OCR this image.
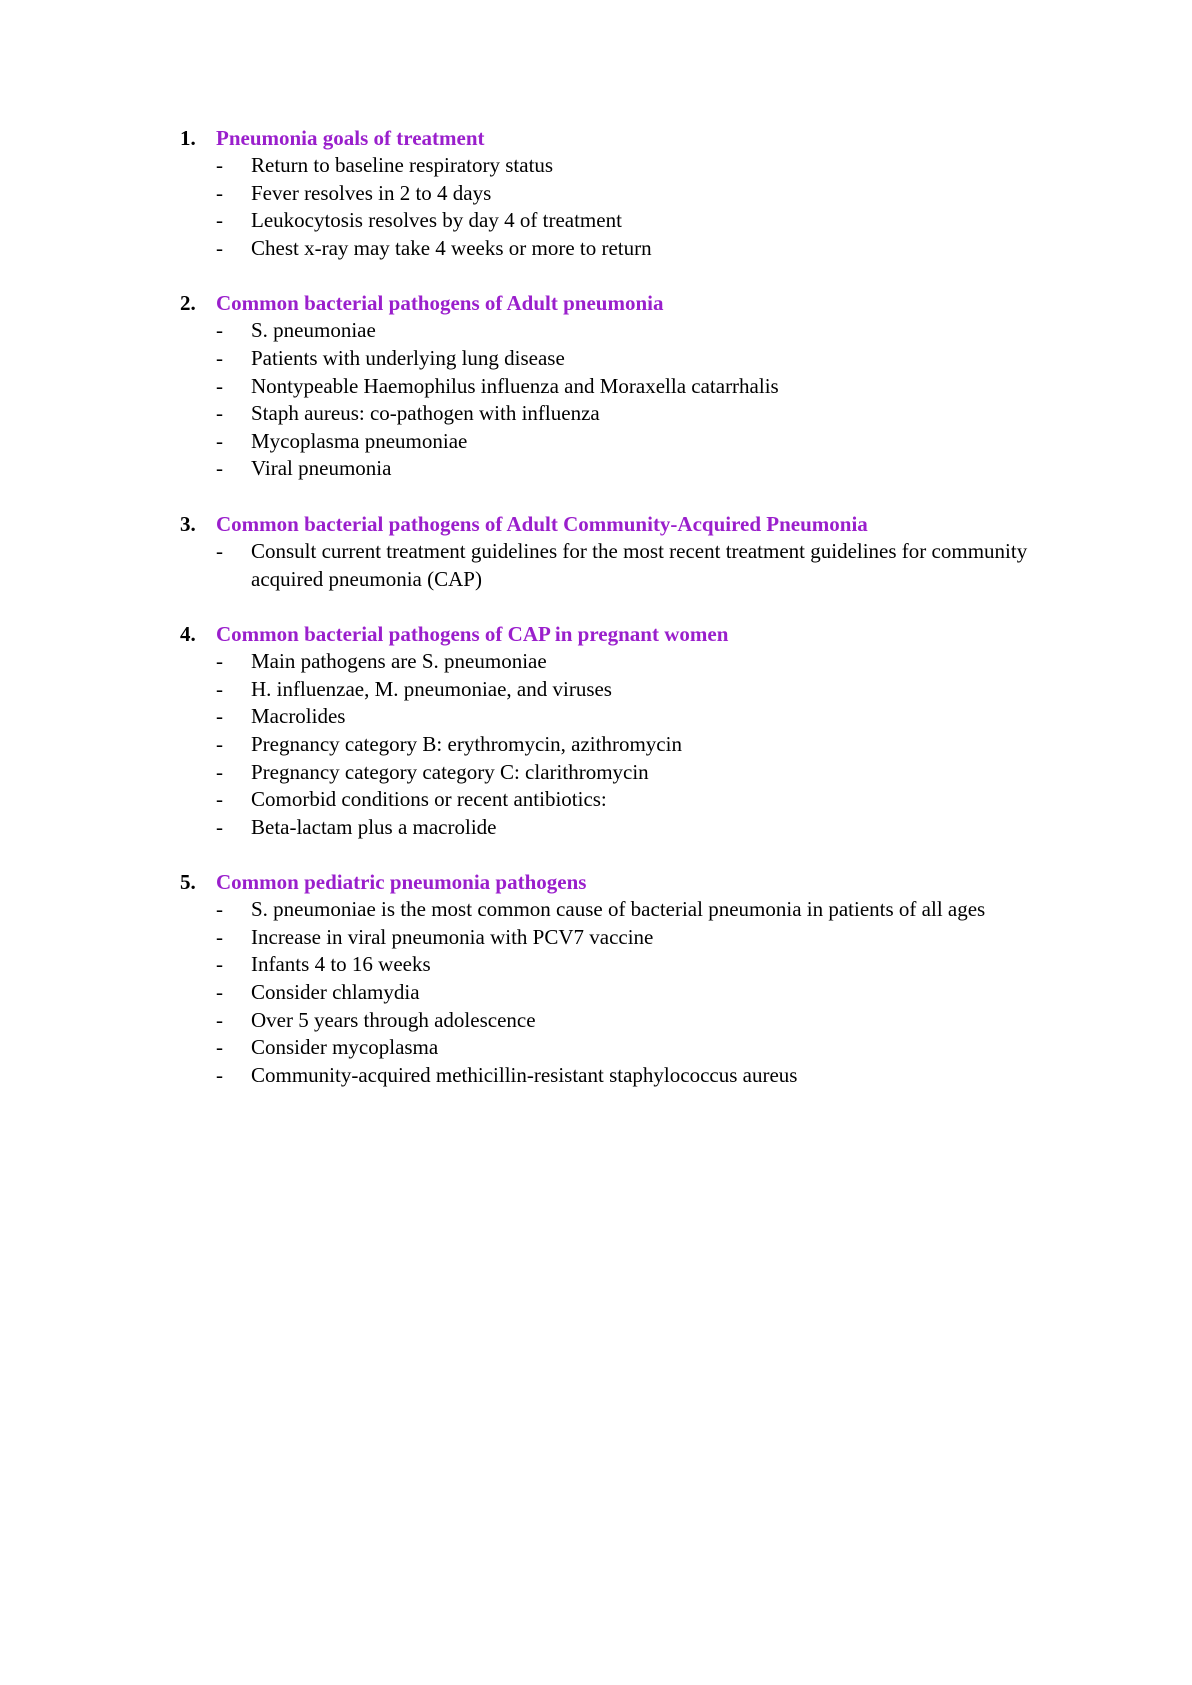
1. Pneumonia goals of treatment
-	Return to baseline respiratory status
-	Fever resolves in 2 to 4 days
-	Leukocytosis resolves by day 4 of treatment
-	Chest x-ray may take 4 weeks or more to return
2. Common bacterial pathogens of Adult pneumonia
-	S. pneumoniae
-	Patients with underlying lung disease
-	Nontypeable Haemophilus influenza and Moraxella catarrhalis
-	Staph aureus: co-pathogen with influenza
-	Mycoplasma pneumoniae
-	Viral pneumonia
3. Common bacterial pathogens of Adult Community-Acquired Pneumonia
-	Consult current treatment guidelines for the most recent treatment guidelines for community acquired pneumonia (CAP)
4. Common bacterial pathogens of CAP in pregnant women
-	Main pathogens are S. pneumoniae
-	H. influenzae, M. pneumoniae, and viruses
-	Macrolides
-	Pregnancy category B: erythromycin, azithromycin
-	Pregnancy category category C: clarithromycin
-	Comorbid conditions or recent antibiotics:
-	Beta-lactam plus a macrolide
5. Common pediatric pneumonia pathogens
-	S. pneumoniae is the most common cause of bacterial pneumonia in patients of all ages
-	Increase in viral pneumonia with PCV7 vaccine
-	Infants 4 to 16 weeks
-	Consider chlamydia
-	Over 5 years through adolescence
-	Consider mycoplasma
-	Community-acquired methicillin-resistant staphylococcus aureus
